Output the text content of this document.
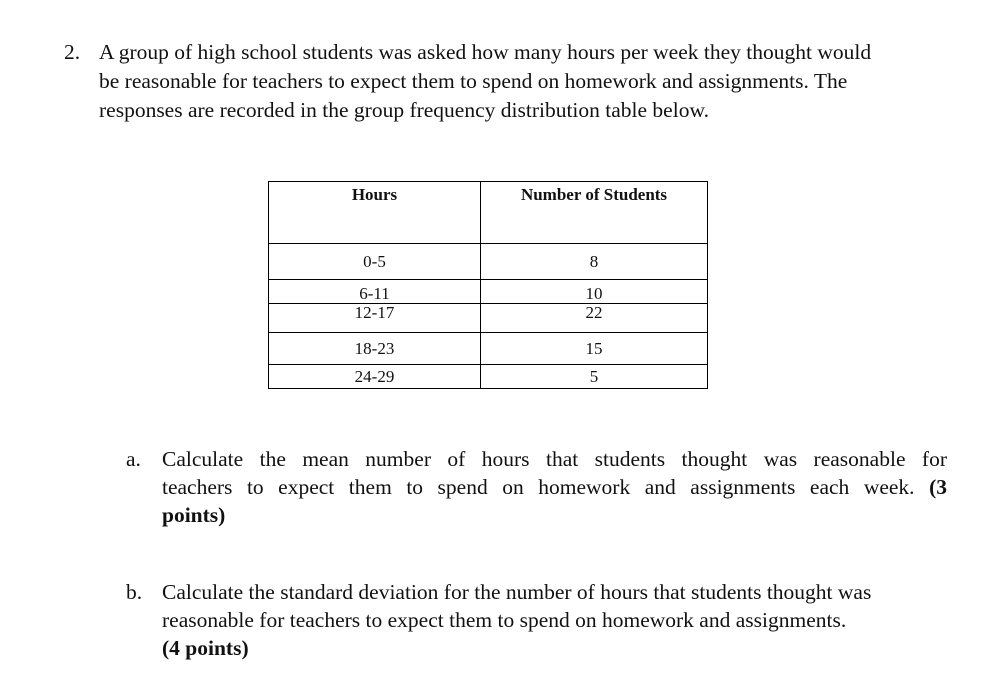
2. A group of high school students was asked how many hours per week they thought would
be reasonable for teachers to expect them to spend on homework and assignments. The
responses are recorded in the group frequency distribution table below.
Hours	Number of Students
0-5	8
6-11	10
12-17	22
18-23	15
24-29	5
a. Calculate the mean number of hours that students thought was reasonable for
teachers to expect them to spend on homework and assignments each week. (3
points)
b. Calculate the standard deviation for the number of hours that students thought was
reasonable for teachers to expect them to spend on homework and assignments.
(4 points)
